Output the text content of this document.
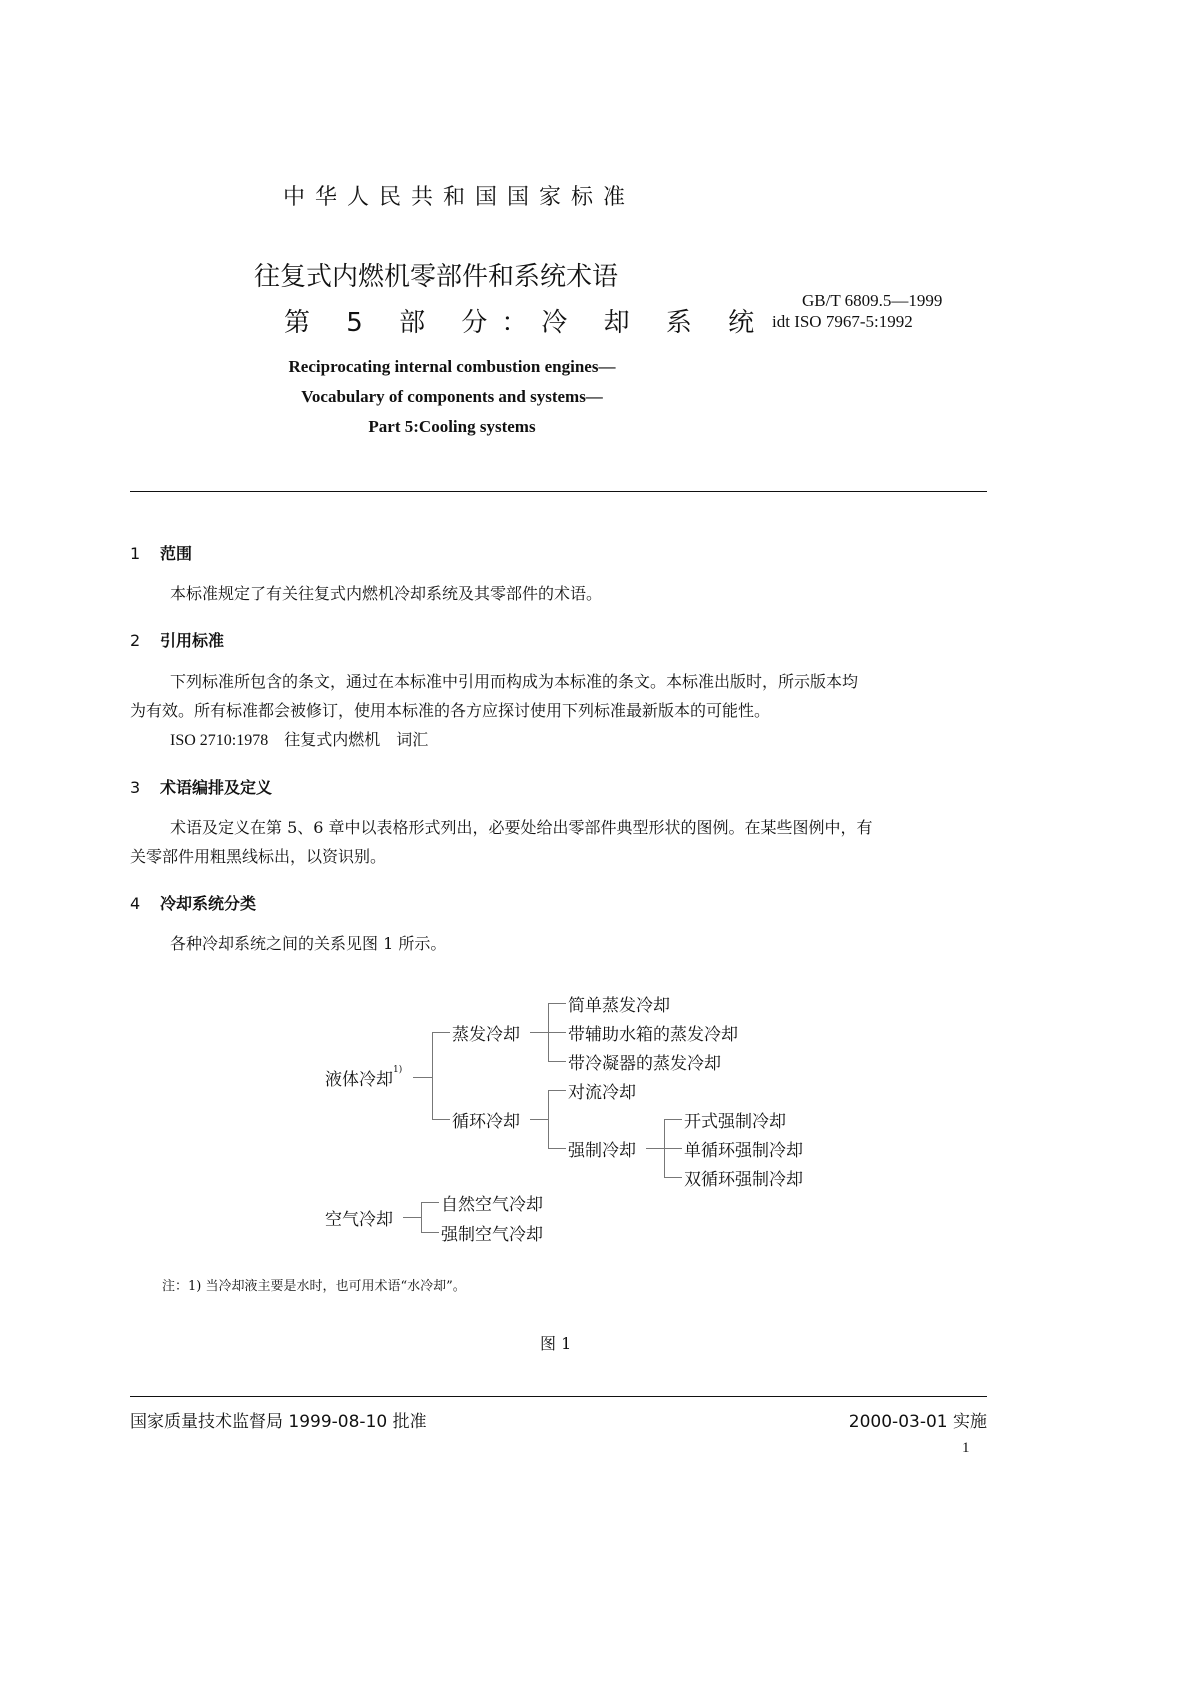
中华人民共和国国家标准
往复式内燃机零部件和系统术语
第 5 部 分：冷 却 系 统
GB/T 6809.5—1999
idt ISO 7967-5:1992
Reciprocating internal combustion engines—
Vocabulary of components and systems—
Part 5:Cooling systems
1 范围
本标准规定了有关往复式内燃机冷却系统及其零部件的术语。
2 引用标准
下列标准所包含的条文，通过在本标准中引用而构成为本标准的条文。本标准出版时，所示版本均
为有效。所有标准都会被修订，使用本标准的各方应探讨使用下列标准最新版本的可能性。
ISO 2710:1978　 往复式内燃机　词汇
3 术语编排及定义
术语及定义在第 5、6 章中以表格形式列出，必要处给出零部件典型形状的图例。在某些图例中，有
关零部件用粗黑线标出，以资识别。
4 冷却系统分类
各种冷却系统之间的关系见图 1 所示。
液体冷却$^{1)}$
蒸发冷却
简单蒸发冷却
带辅助水箱的蒸发冷却
带冷凝器的蒸发冷却
循环冷却
对流冷却
强制冷却
开式强制冷却
单循环强制冷却
双循环强制冷却
空气冷却
自然空气冷却
强制空气冷却
注：1) 当冷却液主要是水时，也可用术语“水冷却”。
图 1
国家质量技术监督局 1999-08-10 批准	2000-03-01 实施
1
